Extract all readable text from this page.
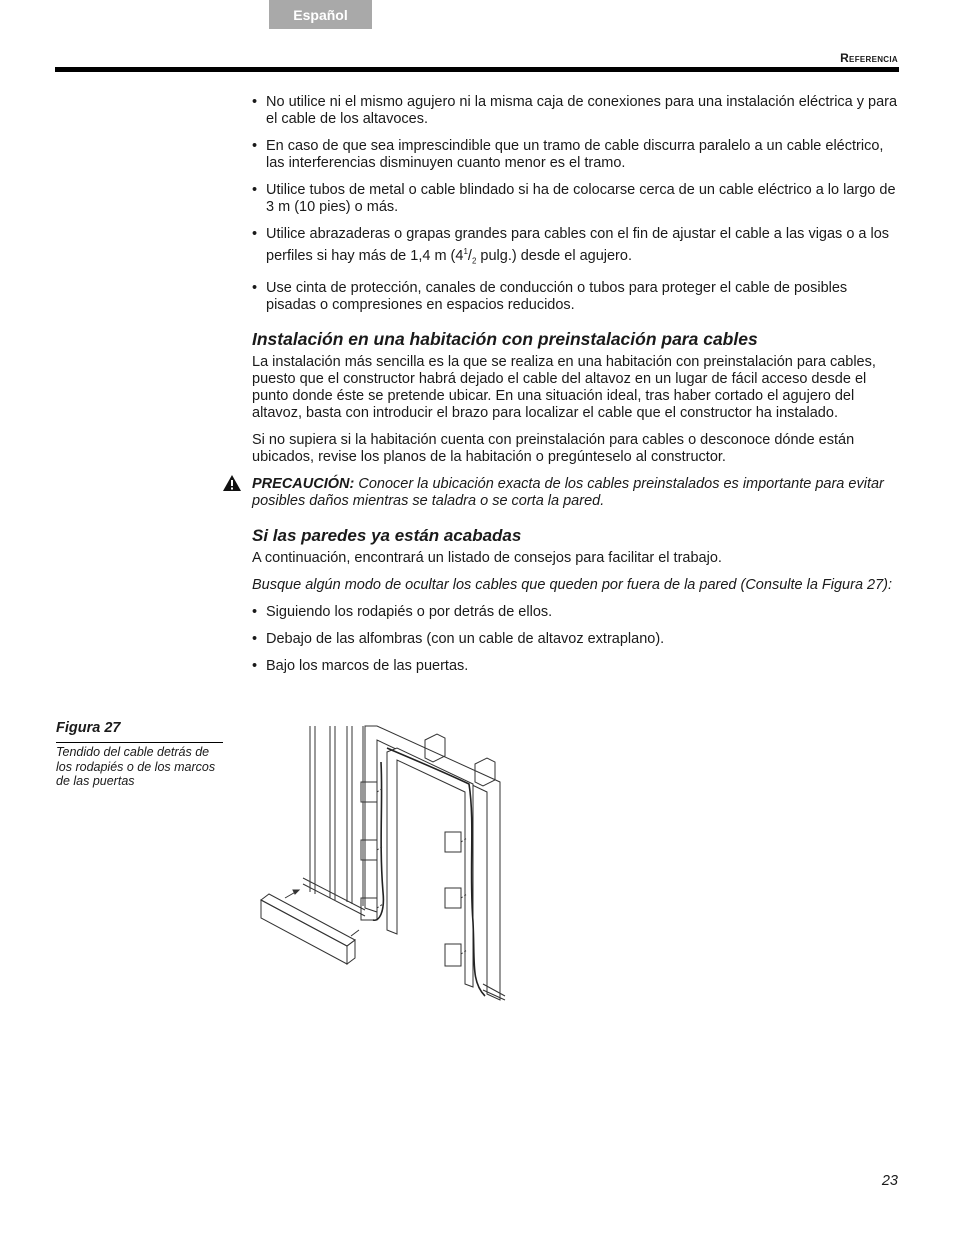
Español
Referencia
• No utilice ni el mismo agujero ni la misma caja de conexiones para una instalación eléctrica y para el cable de los altavoces.
• En caso de que sea imprescindible que un tramo de cable discurra paralelo a un cable eléctrico, las interferencias disminuyen cuanto menor es el tramo.
• Utilice tubos de metal o cable blindado si ha de colocarse cerca de un cable eléctrico a lo largo de 3 m (10 pies) o más.
• Utilice abrazaderas o grapas grandes para cables con el fin de ajustar el cable a las vigas o a los perfiles si hay más de 1,4 m ($4^1/_2$ pulg.) desde el agujero.
• Use cinta de protección, canales de conducción o tubos para proteger el cable de posibles pisadas o compresiones en espacios reducidos.
Instalación en una habitación con preinstalación para cables

La instalación más sencilla es la que se realiza en una habitación con preinstalación para cables, puesto que el constructor habrá dejado el cable del altavoz en un lugar de fácil acceso desde el punto donde éste se pretende ubicar. En una situación ideal, tras haber cortado el agujero del altavoz, basta con introducir el brazo para localizar el cable que el constructor ha instalado.

Si no supiera si la habitación cuenta con preinstalación para cables o desconoce dónde están ubicados, revise los planos de la habitación o pregúnteselo al constructor.

PRECAUCIÓN: Conocer la ubicación exacta de los cables preinstalados es importante para evitar posibles daños mientras se taladra o se corta la pared.

Si las paredes ya están acabadas

A continuación, encontrará un listado de consejos para facilitar el trabajo.

Busque algún modo de ocultar los cables que queden por fuera de la pared (Consulte la Figura 27):

• Siguiendo los rodapiés o por detrás de ellos.
• Debajo de las alfombras (con un cable de altavoz extraplano).
• Bajo los marcos de las puertas.
Figura 27
Tendido del cable detrás de los rodapiés o de los marcos de las puertas
23
